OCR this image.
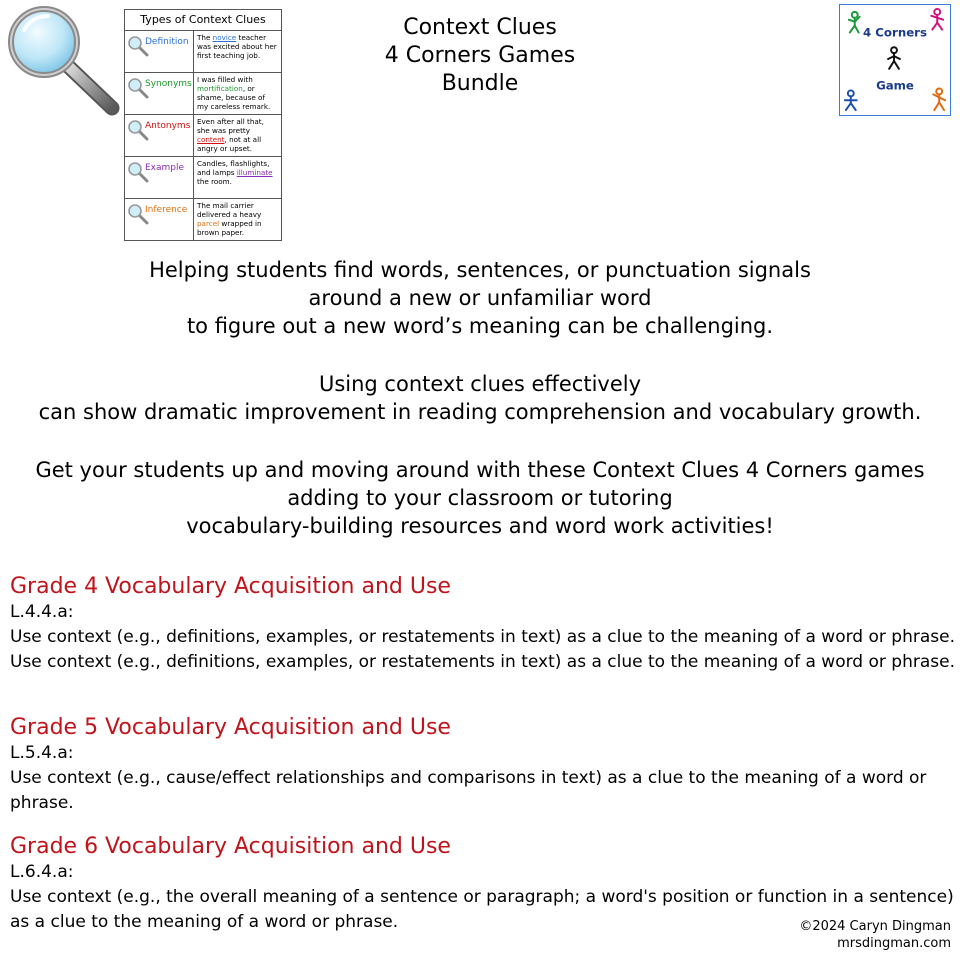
Types of Context Clues
Definition	The novice teacher was excited about her first teaching job.
Synonyms I was filled with mortification, or shame, because of my careless remark.
Antonyms Even after all that, she was pretty content, not at all angry or upset.
Example	Candles, flashlights, and lamps illuminate the room.
Inference	The mail carrier delivered a heavy parcel wrapped in brown paper.
Context Clues
4 Corners Games
Bundle
4 Corners
Game
Helping students find words, sentences, or punctuation signals
around a new or unfamiliar word
to figure out a new word’s meaning can be challenging.
Using context clues effectively
can show dramatic improvement in reading comprehension and vocabulary growth.
Get your students up and moving around with these Context Clues 4 Corners games
adding to your classroom or tutoring
vocabulary-building resources and word work activities!
Grade 4 Vocabulary Acquisition and Use
L.4.4.a:
Use context (e.g., definitions, examples, or restatements in text) as a clue to the meaning of a word or phrase. Use context (e.g., definitions, examples, or restatements in text) as a clue to the meaning of a word or phrase.
Grade 5 Vocabulary Acquisition and Use
L.5.4.a:
Use context (e.g., cause/effect relationships and comparisons in text) as a clue to the meaning of a word or phrase.
Grade 6 Vocabulary Acquisition and Use
L.6.4.a:
Use context (e.g., the overall meaning of a sentence or paragraph; a word's position or function in a sentence) as a clue to the meaning of a word or phrase.	©2024 Caryn Dingman
mrsdingman.com
